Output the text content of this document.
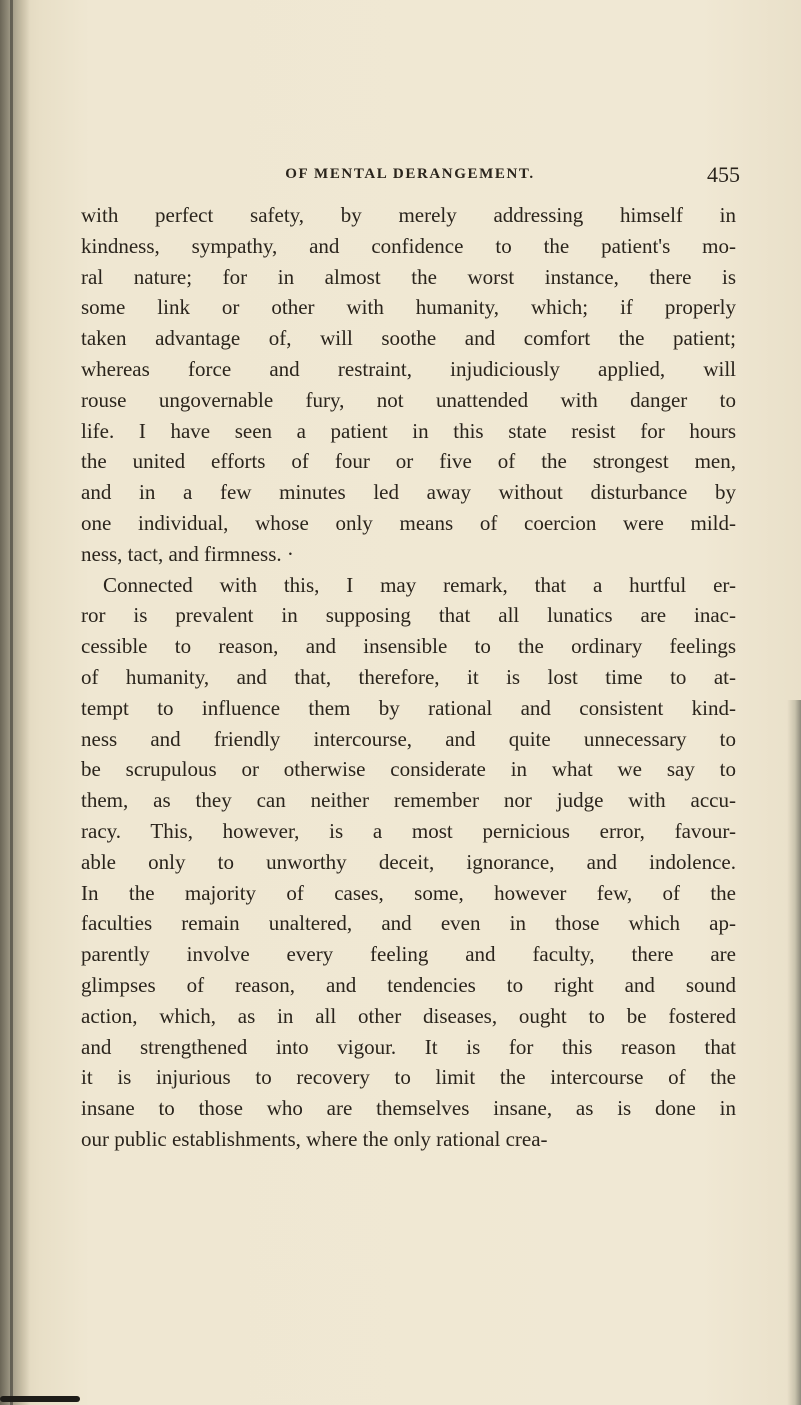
OF MENTAL DERANGEMENT.	455
with perfect safety, by merely addressing himself in
kindness, sympathy, and confidence to the patient's mo-
ral nature; for in almost the worst instance, there is
some link or other with humanity, which; if properly
taken advantage of, will soothe and comfort the patient;
whereas force and restraint, injudiciously applied, will
rouse ungovernable fury, not unattended with danger to
life. I have seen a patient in this state resist for hours
the united efforts of four or five of the strongest men,
and in a few minutes led away without disturbance by
one individual, whose only means of coercion were mild-
ness, tact, and firmness. ·
Connected with this, I may remark, that a hurtful er-
ror is prevalent in supposing that all lunatics are inac-
cessible to reason, and insensible to the ordinary feelings
of humanity, and that, therefore, it is lost time to at-
tempt to influence them by rational and consistent kind-
ness and friendly intercourse, and quite unnecessary to
be scrupulous or otherwise considerate in what we say to
them, as they can neither remember nor judge with accu-
racy. This, however, is a most pernicious error, favour-
able only to unworthy deceit, ignorance, and indolence.
In the majority of cases, some, however few, of the
faculties remain unaltered, and even in those which ap-
parently involve every feeling and faculty, there are
glimpses of reason, and tendencies to right and sound
action, which, as in all other diseases, ought to be fostered
and strengthened into vigour. It is for this reason that
it is injurious to recovery to limit the intercourse of the
insane to those who are themselves insane, as is done in
our public establishments, where the only rational crea-
